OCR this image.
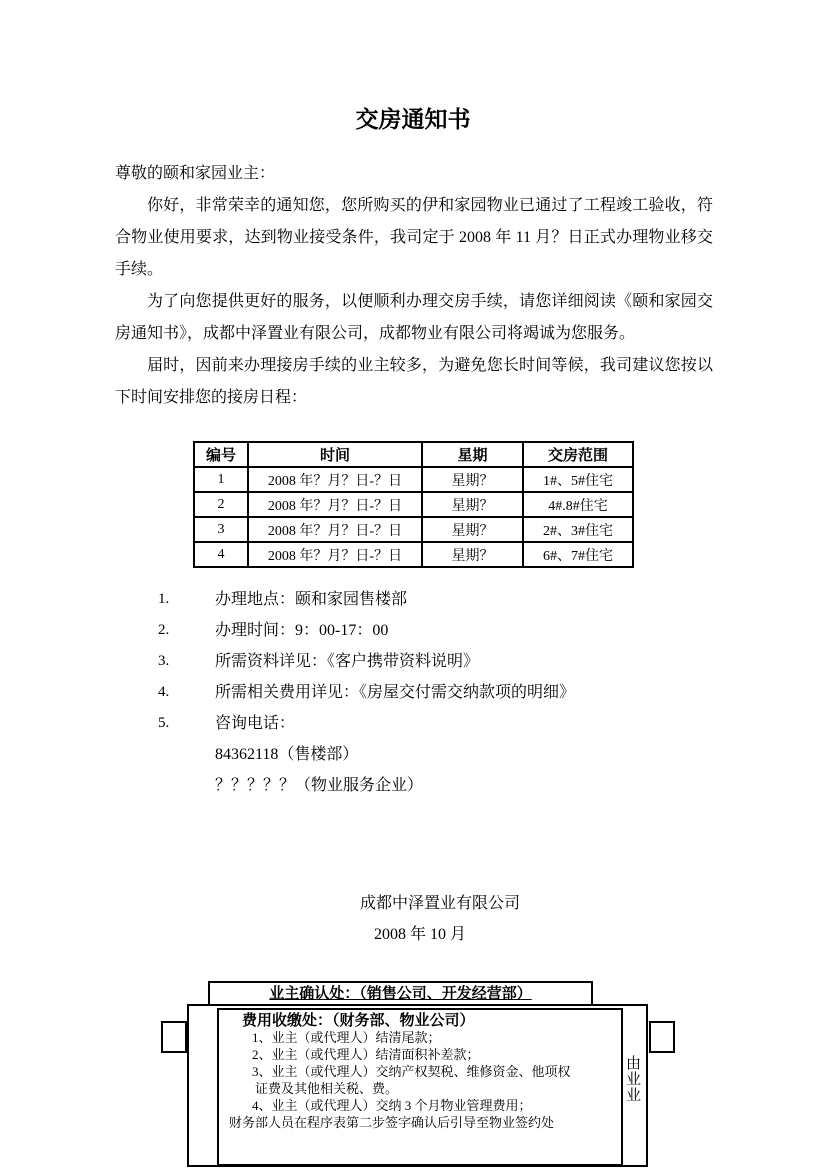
交房通知书

尊敬的颐和家园业主：

你好，非常荣幸的通知您，您所购买的伊和家园物业已通过了工程竣工验收，符合物业使用要求，达到物业接受条件，我司定于 2008 年 11 月？日正式办理物业移交手续。

为了向您提供更好的服务，以便顺利办理交房手续，请您详细阅读《颐和家园交房通知书》，成都中泽置业有限公司，成都物业有限公司将竭诚为您服务。

届时，因前来办理接房手续的业主较多，为避免您长时间等候，我司建议您按以下时间安排您的接房日程：

编号	时间	星期	交房范围
1	2008 年？月？日-？日	星期？	1#、5#住宅
2	2008 年？月？日-？日	星期？	4#.8#住宅
3	2008 年？月？日-？日	星期？	2#、3#住宅
4	2008 年？月？日-？日	星期？	6#、7#住宅
1.	办理地点：颐和家园售楼部
2.	办理时间：9：00-17：00
3.	所需资料详见：《客户携带资料说明》
4.	所需相关费用详见：《房屋交付需交纳款项的明细》
5.	咨询电话：
84362118（售楼部）
？？？？？（物业服务企业）
成都中泽置业有限公司
2008 年 10 月
业主确认处：（销售公司、开发经营部）
由业业
费用收缴处：（财务部、物业公司）
1、业主（或代理人）结清尾款；
2、业主（或代理人）结清面积补差款；
3、业主（或代理人）交纳产权契税、维修资金、他项权
证费及其他相关税、费。
4、业主（或代理人）交纳 3 个月物业管理费用；
财务部人员在程序表第二步签字确认后引导至物业签约处
